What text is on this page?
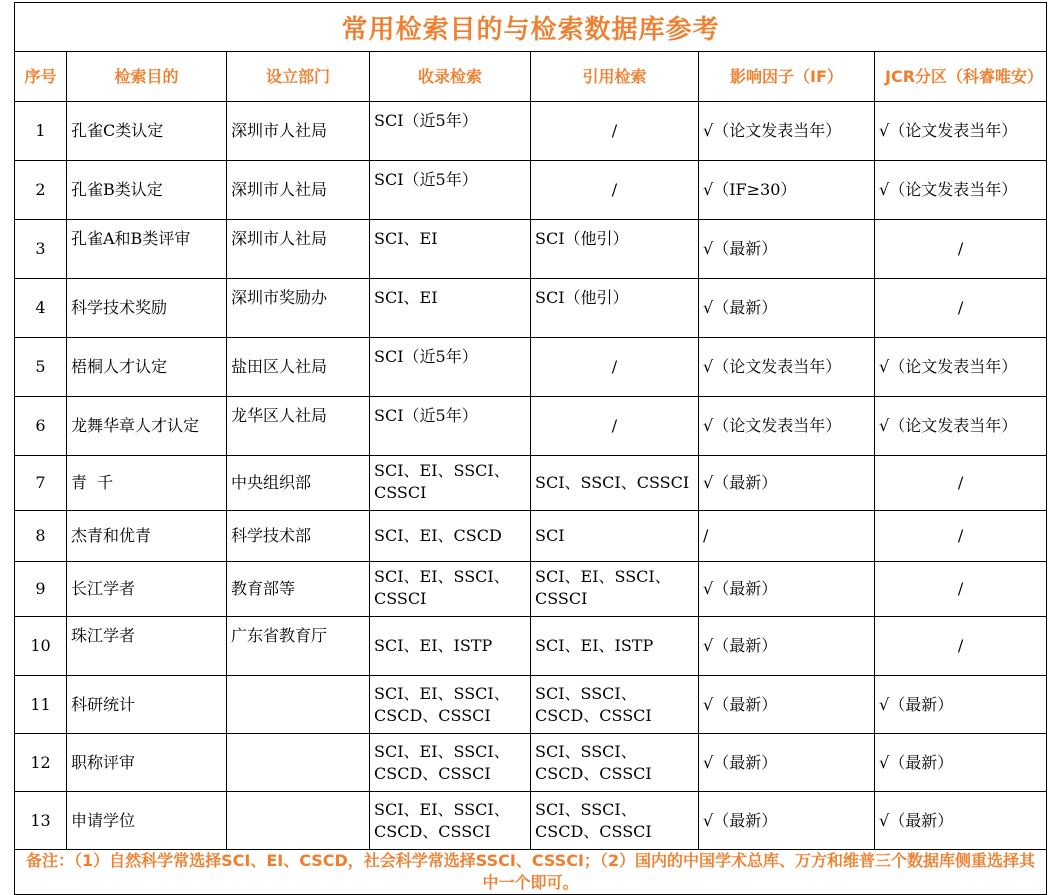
常用检索目的与检索数据库参考						
序号	检索目的	设立部门	收录检索	引用检索	影响因子（IF）	JCR分区（科睿唯安）
1	孔雀C类认定	深圳市人社局	SCI（近5年）	/	√（论文发表当年）	√（论文发表当年）
2	孔雀B类认定	深圳市人社局	SCI（近5年）	/	√（IF≥30）	√（论文发表当年）
3	孔雀A和B类评审	深圳市人社局	SCI、EI	SCI（他引）	√（最新）	/
4	科学技术奖励	深圳市奖励办	SCI、EI	SCI（他引）	√（最新）	/
5	梧桐人才认定	盐田区人社局	SCI（近5年）	/	√（论文发表当年）	√（论文发表当年）
6	龙舞华章人才认定	龙华区人社局	SCI（近5年）	/	√（论文发表当年）	√（论文发表当年）
7	青  千	中央组织部	SCI、EI、SSCI、CSSCI	SCI、SSCI、CSSCI	√（最新）	/
8	杰青和优青	科学技术部	SCI、EI、CSCD	SCI	/	/
9	长江学者	教育部等	SCI、EI、SSCI、CSSCI	SCI、EI、SSCI、CSSCI	√（最新）	/
10	珠江学者	广东省教育厅	SCI、EI、ISTP	SCI、EI、ISTP	√（最新）	/
11	科研统计		SCI、EI、SSCI、CSCD、CSSCI	SCI、SSCI、CSCD、CSSCI	√（最新）	√（最新）
12	职称评审		SCI、EI、SSCI、CSCD、CSSCI	SCI、SSCI、CSCD、CSSCI	√（最新）	√（最新）
13	申请学位		SCI、EI、SSCI、CSCD、CSSCI	SCI、SSCI、CSCD、CSSCI	√（最新）	√（最新）
备注：（1）自然科学常选择SCI、EI、CSCD，社会科学常选择SSCI、CSSCI；（2）国内的中国学术总库、万方和维普三个数据库侧重选择其中一个即可。						
